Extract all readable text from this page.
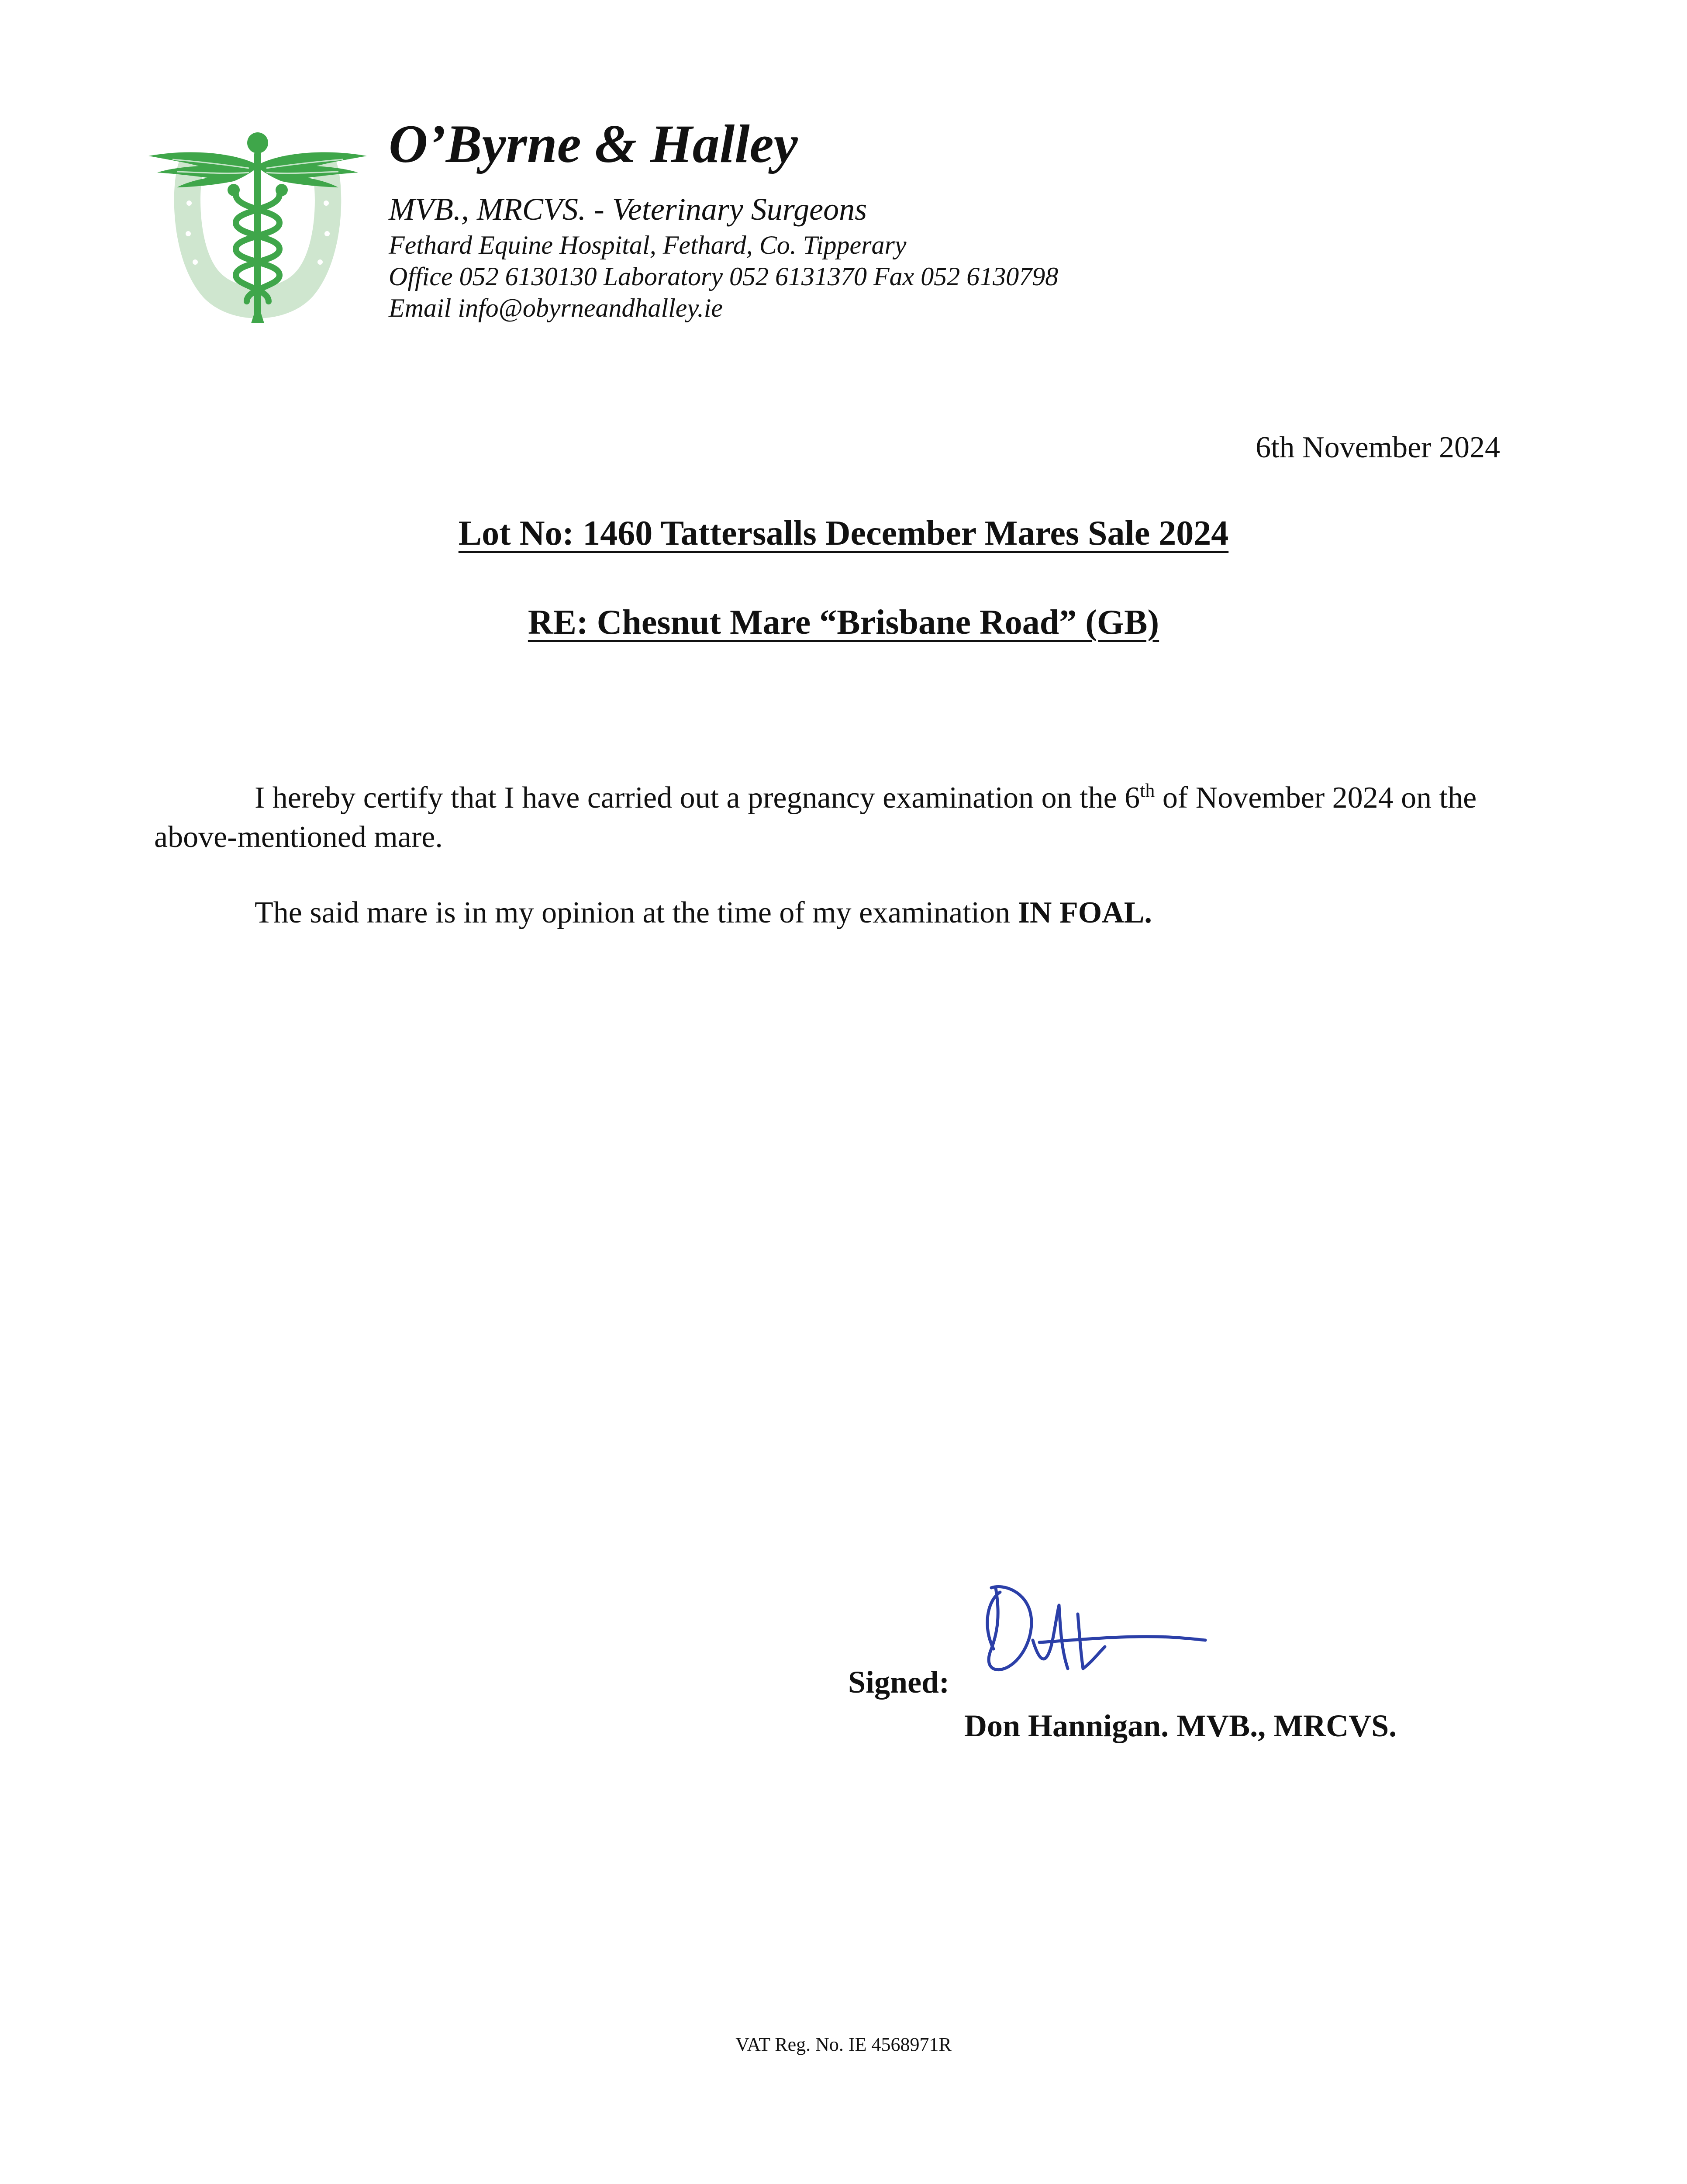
O’Byrne & Halley
MVB., MRCVS. - Veterinary Surgeons
Fethard Equine Hospital, Fethard, Co. Tipperary
Office 052 6130130 Laboratory 052 6131370 Fax 052 6130798
Email info@obyrneandhalley.ie
6th November 2024
Lot No: 1460 Tattersalls December Mares Sale 2024
RE: Chesnut Mare “Brisbane Road” (GB)
I hereby certify that I have carried out a pregnancy examination on the 6th of November 2024 on the above-mentioned mare.
The said mare is in my opinion at the time of my examination IN FOAL.
Signed:
Don Hannigan. MVB., MRCVS.
VAT Reg. No. IE 4568971R
